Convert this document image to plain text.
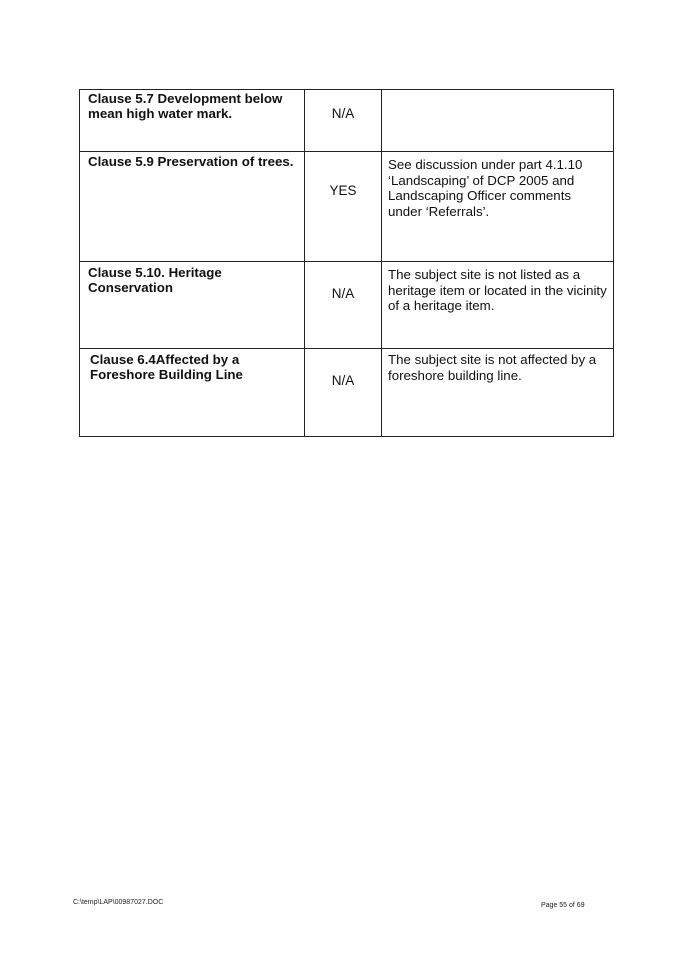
Clause 5.7 Development below mean high water mark.	N/A	

Clause 5.9 Preservation of trees.	YES	See discussion under part 4.1.10 ‘Landscaping’ of DCP 2005 and Landscaping Officer comments under ‘Referrals’.

Clause 5.10. Heritage Conservation	N/A	The subject site is not listed as a heritage item or located in the vicinity of a heritage item.

Clause 6.4Affected by a Foreshore Building Line	N/A	The subject site is not affected by a foreshore building line.
C:\temp\LAP\00987027.DOC	Page 55 of 69
